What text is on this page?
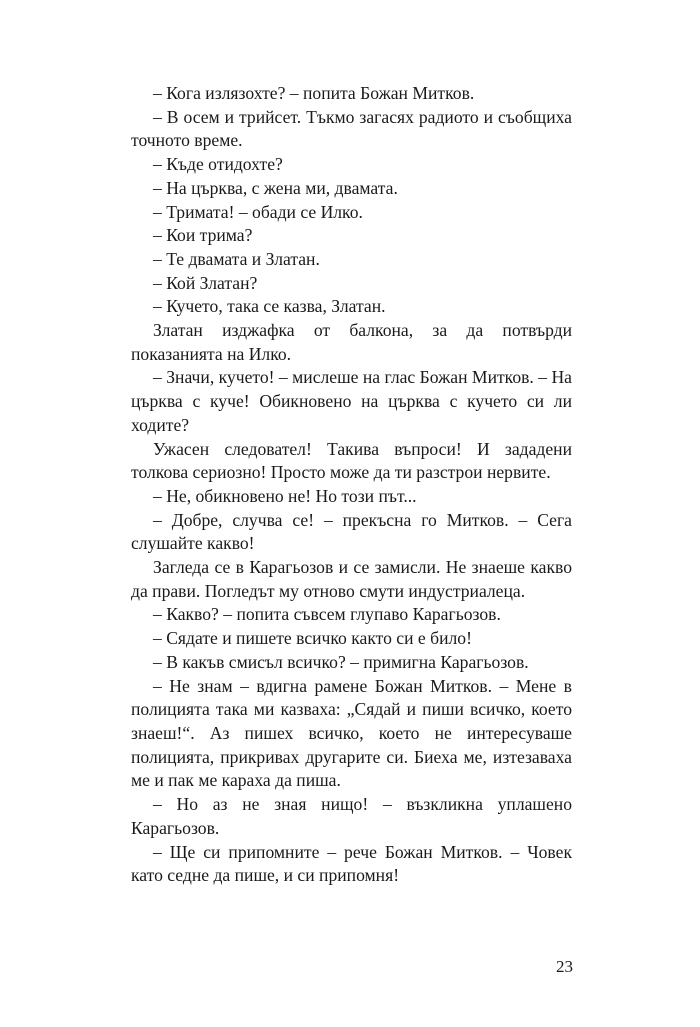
– Кога излязохте? – попита Божан Митков.

– В осем и трийсет. Тъкмо загасях радиото и съобщиха точното време.

– Къде отидохте?

– На църква, с жена ми, двамата.

– Тримата! – обади се Илко.

– Кои трима?

– Те двамата и Златан.

– Кой Златан?

– Кучето, така се казва, Златан.

Златан изджафка от балкона, за да потвърди показанията на Илко.

– Значи, кучето! – мислеше на глас Божан Митков. – На църква с куче! Обикновено на църква с кучето си ли ходите?

Ужасен следовател! Такива въпроси! И зададени толкова сериозно! Просто може да ти разстрои нервите.

– Не, обикновено не! Но този път...

– Добре, случва се! – прекъсна го Митков. – Сега слушайте какво!

Загледа се в Карагьозов и се замисли. Не знаеше какво да прави. Погледът му отново смути индустриалеца.

– Какво? – попита съвсем глупаво Карагьозов.

– Сядате и пишете всичко както си е било!

– В какъв смисъл всичко? – примигна Карагьозов.

– Не знам – вдигна рамене Божан Митков. – Мене в полицията така ми казваха: „Сядай и пиши всичко, което знаеш!“. Аз пишех всичко, което не интересуваше полицията, прикривах другарите си. Биеха ме, изтезаваха ме и пак ме караха да пиша.

– Но аз не зная нищо! – възкликна уплашено Карагьозов.

– Ще си припомните – рече Божан Митков. – Човек като седне да пише, и си припомня!

23
